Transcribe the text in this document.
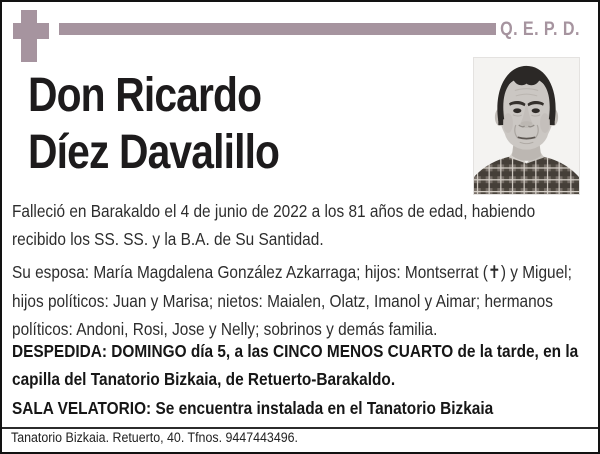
Q. E. P. D.
Don Ricardo
Díez Davalillo
Falleció en Barakaldo el 4 de junio de 2022 a los 81 años de edad, habiendo
recibido los SS. SS. y la B.A. de Su Santidad.
Su esposa: María Magdalena González Azkarraga; hijos: Montserrat (✝) y Miguel;
hijos políticos: Juan y Marisa; nietos: Maialen, Olatz, Imanol y Aimar; hermanos
políticos: Andoni, Rosi, Jose y Nelly; sobrinos y demás familia.
DESPEDIDA: DOMINGO día 5, a las CINCO MENOS CUARTO de la tarde, en la
capilla del Tanatorio Bizkaia, de Retuerto-Barakaldo.
SALA VELATORIO: Se encuentra instalada en el Tanatorio Bizkaia
Tanatorio Bizkaia. Retuerto, 40. Tfnos. 9447443496.
